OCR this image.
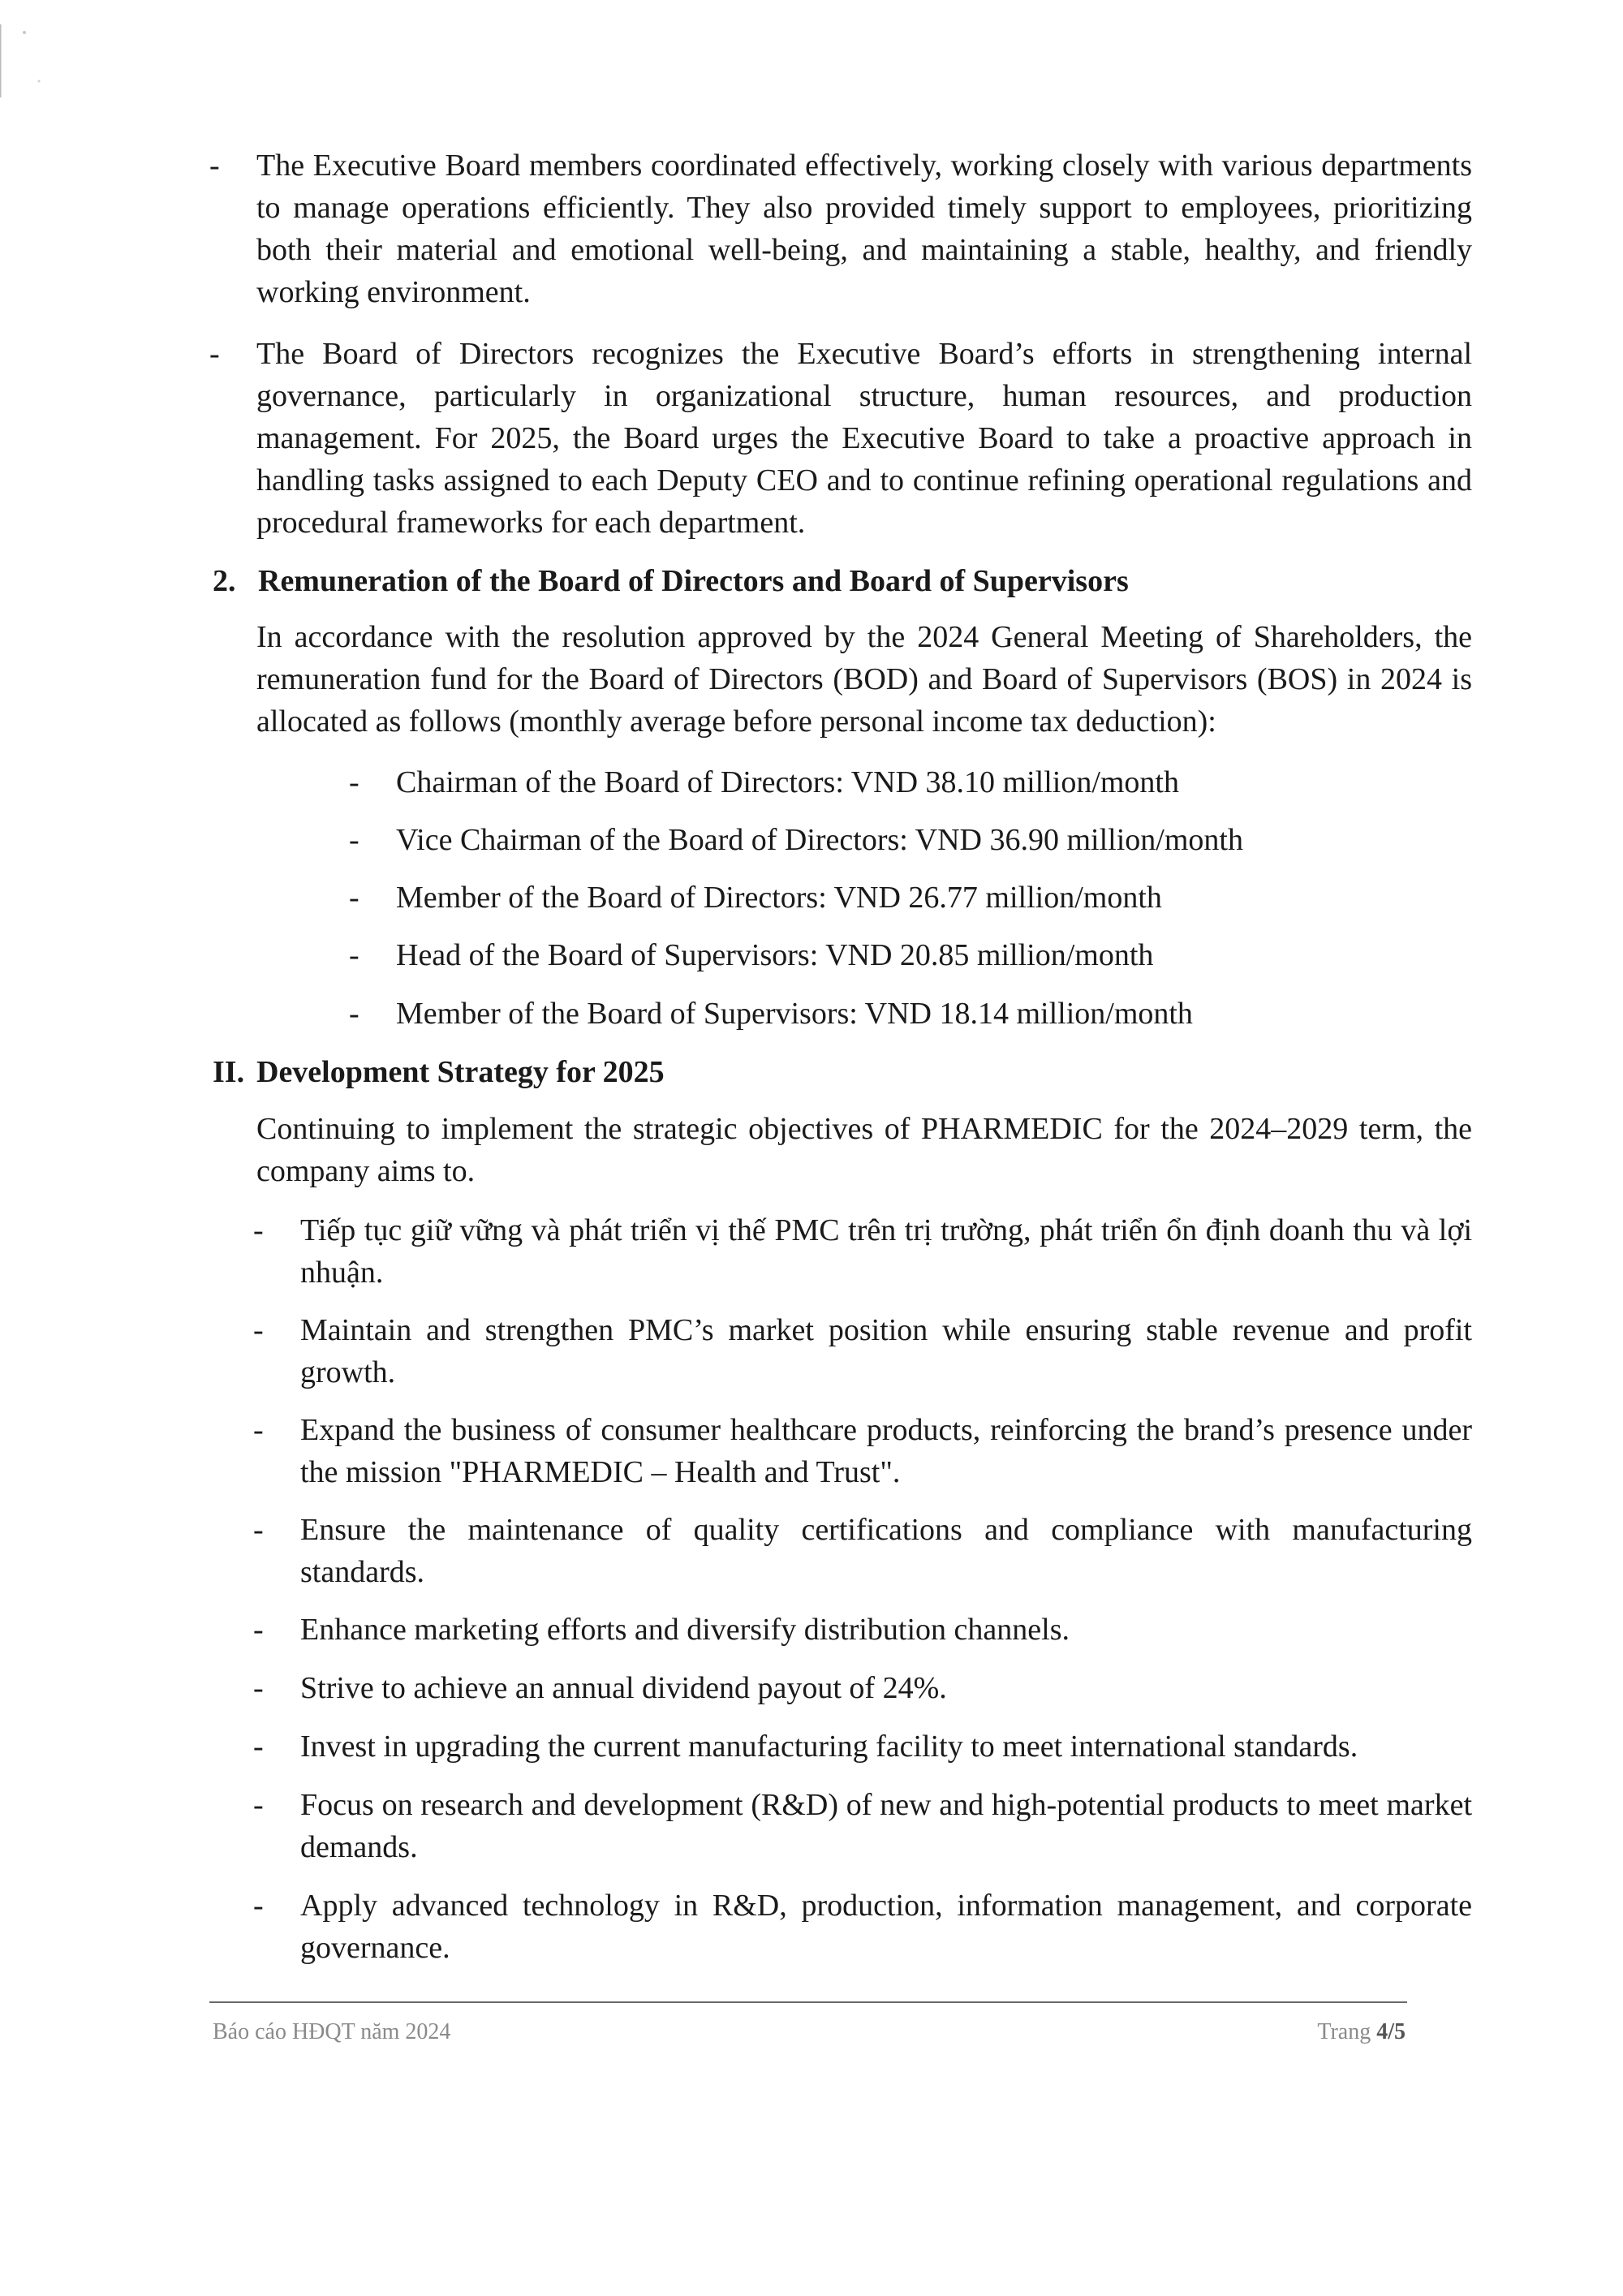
- The Executive Board members coordinated effectively, working closely with various departments to manage operations efficiently. They also provided timely support to employees, prioritizing both their material and emotional well-being, and maintaining a stable, healthy, and friendly working environment.
- The Board of Directors recognizes the Executive Board’s efforts in strengthening internal governance, particularly in organizational structure, human resources, and production management. For 2025, the Board urges the Executive Board to take a proactive approach in handling tasks assigned to each Deputy CEO and to continue refining operational regulations and procedural frameworks for each department.
2. Remuneration of the Board of Directors and Board of Supervisors
In accordance with the resolution approved by the 2024 General Meeting of Shareholders, the remuneration fund for the Board of Directors (BOD) and Board of Supervisors (BOS) in 2024 is allocated as follows (monthly average before personal income tax deduction):
- Chairman of the Board of Directors: VND 38.10 million/month
- Vice Chairman of the Board of Directors: VND 36.90 million/month
- Member of the Board of Directors: VND 26.77 million/month
- Head of the Board of Supervisors: VND 20.85 million/month
- Member of the Board of Supervisors: VND 18.14 million/month
II. Development Strategy for 2025
Continuing to implement the strategic objectives of PHARMEDIC for the 2024–2029 term, the company aims to.
- Tiếp tục giữ vững và phát triển vị thế PMC trên trị trường, phát triển ổn định doanh thu và lợi nhuận.
- Maintain and strengthen PMC’s market position while ensuring stable revenue and profit growth.
- Expand the business of consumer healthcare products, reinforcing the brand’s presence under the mission "PHARMEDIC – Health and Trust".
- Ensure the maintenance of quality certifications and compliance with manufacturing standards.
- Enhance marketing efforts and diversify distribution channels.
- Strive to achieve an annual dividend payout of 24%.
- Invest in upgrading the current manufacturing facility to meet international standards.
- Focus on research and development (R&D) of new and high-potential products to meet market demands.
- Apply advanced technology in R&D, production, information management, and corporate governance.
Báo cáo HĐQT năm 2024	Trang 4/5
